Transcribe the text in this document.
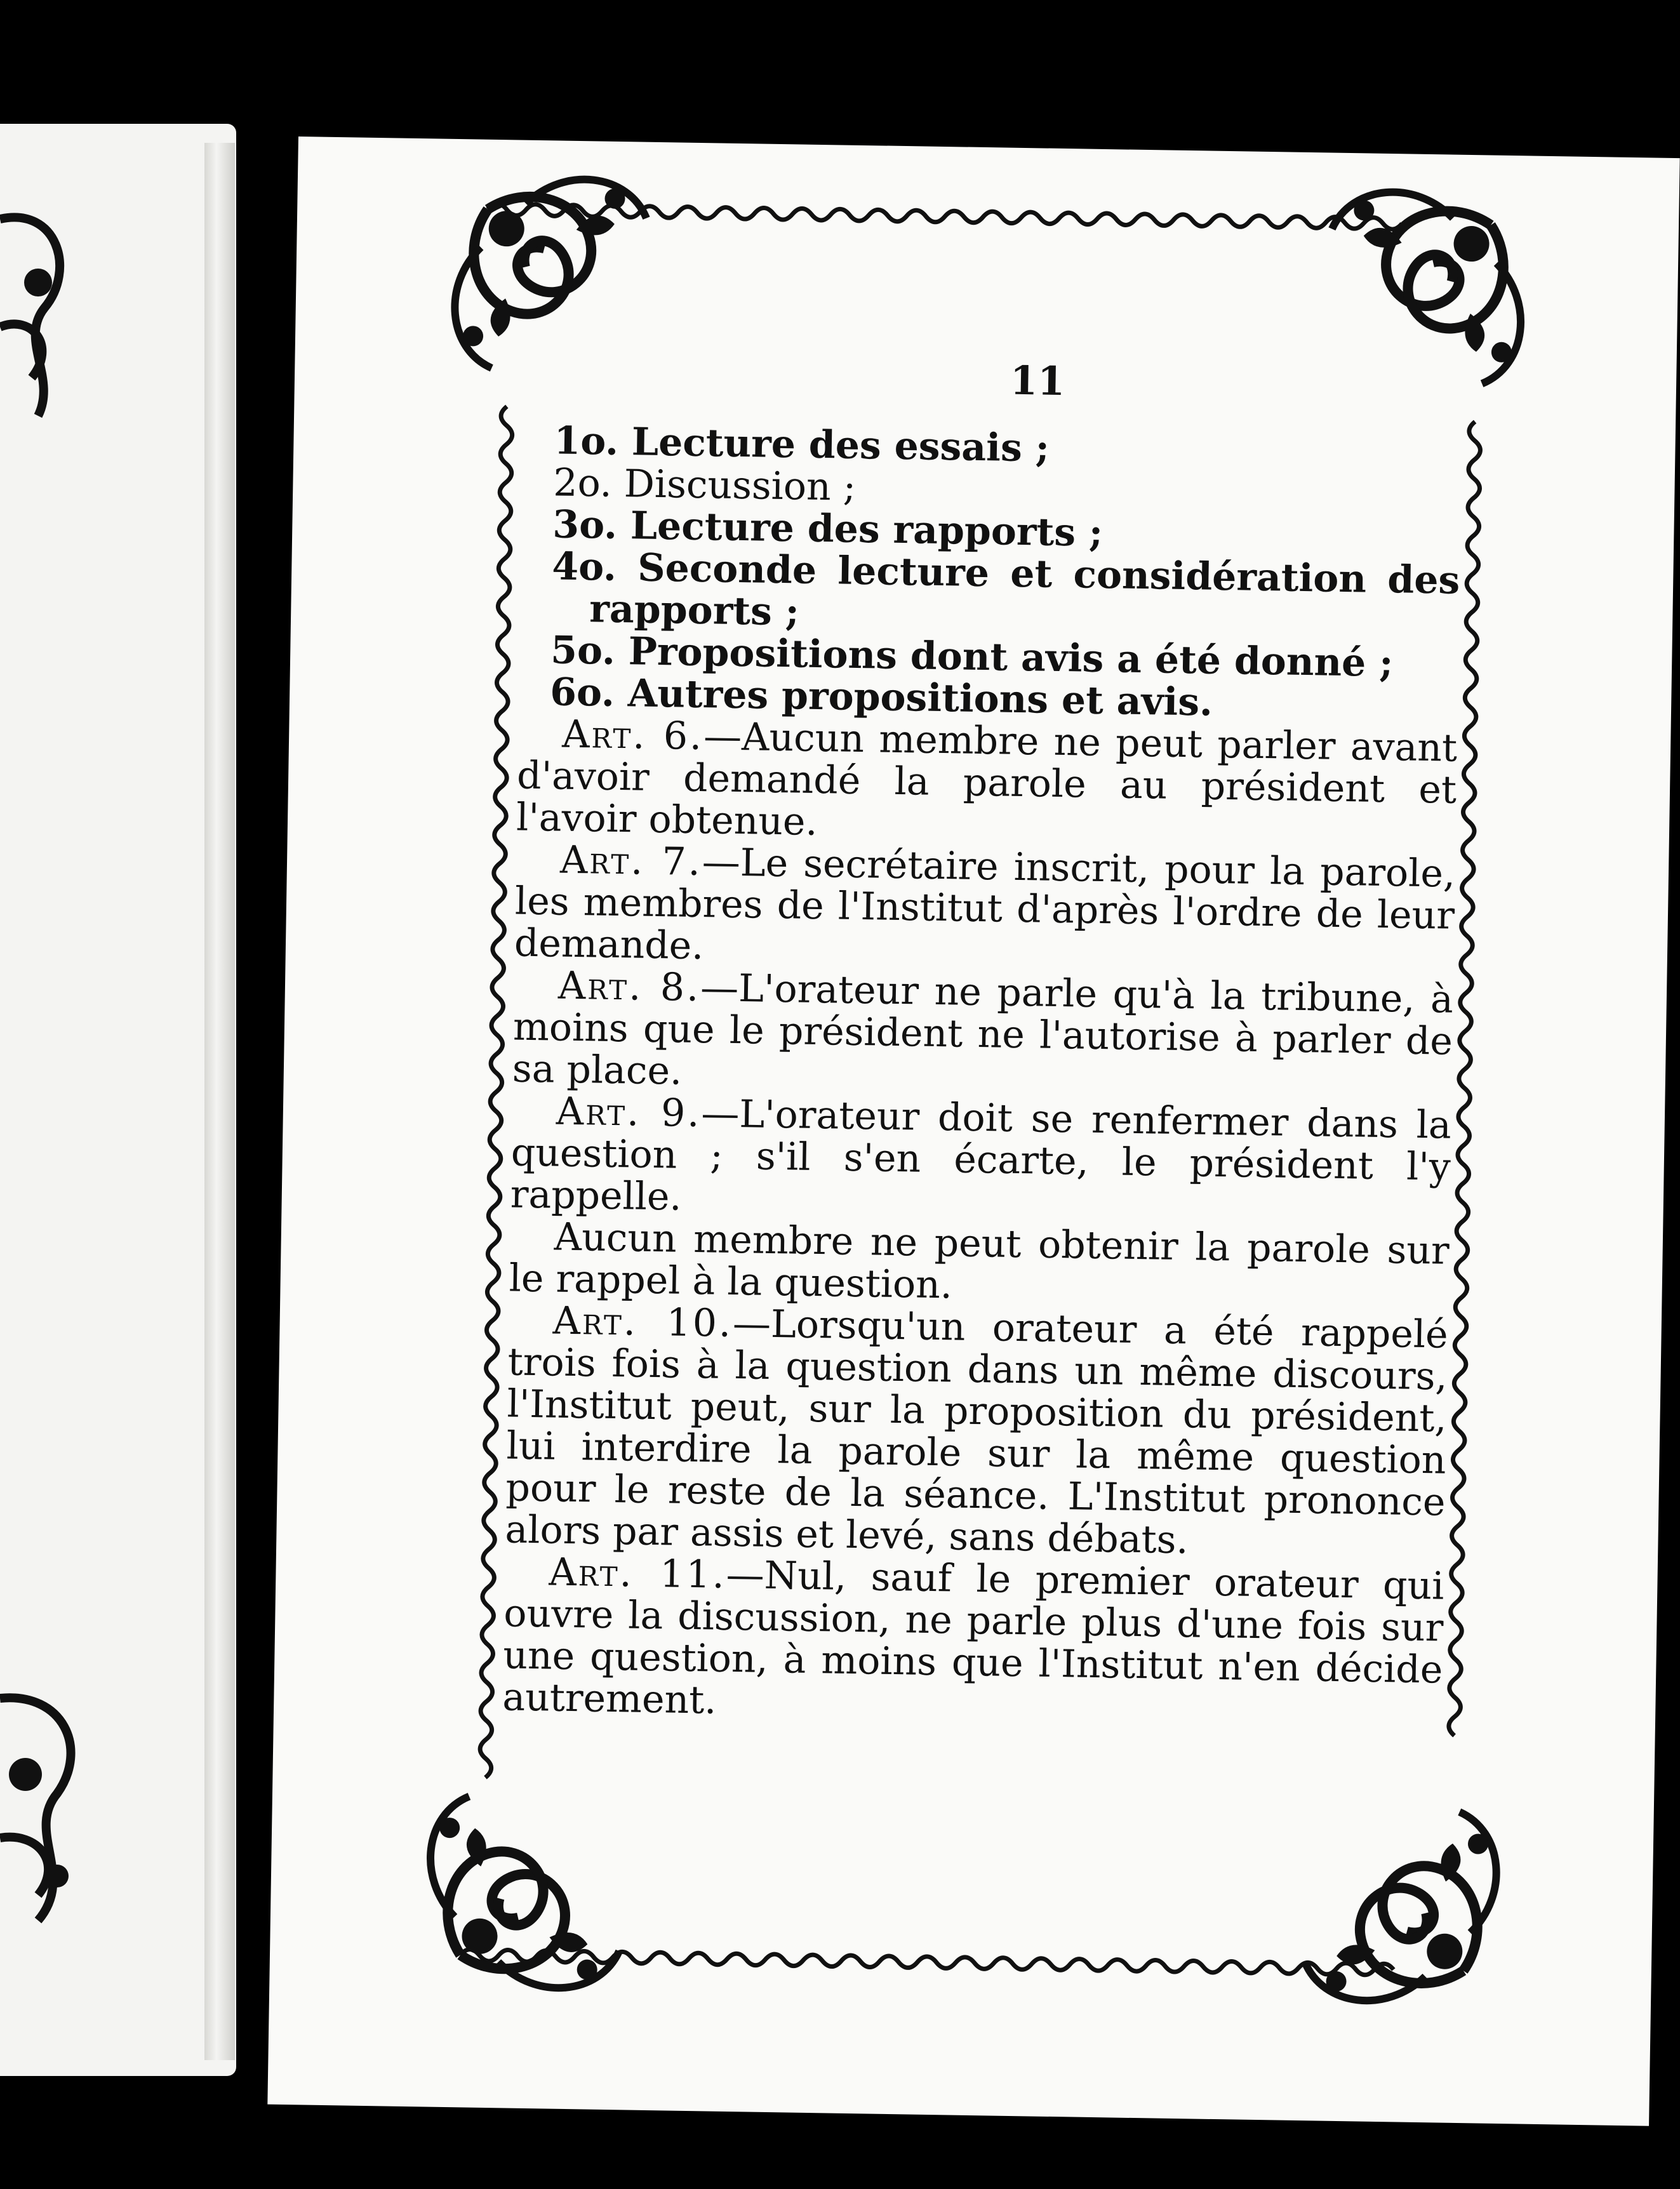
11

1o. Lecture des essais ;

2o. Discussion ;

3o. Lecture des rapports ;

4o. Seconde lecture et considération des rapports ;

5o. Propositions dont avis a été donné ;

6o. Autres propositions et avis.

Art. 6.—Aucun membre ne peut parler avant d'avoir demandé la parole au président et l'avoir obtenue.

Art. 7.—Le secrétaire inscrit, pour la parole, les membres de l'Institut d'après l'ordre de leur demande.

Art. 8.—L'orateur ne parle qu'à la tribune, à moins que le président ne l'autorise à parler de sa place.

Art. 9.—L'orateur doit se renfermer dans la question ; s'il s'en écarte, le président l'y rappelle.

Aucun membre ne peut obtenir la parole sur le rappel à la question.

Art. 10.—Lorsqu'un orateur a été rappelé trois fois à la question dans un même discours, l'Institut peut, sur la proposition du président, lui interdire la parole sur la même question pour le reste de la séance. L'Institut prononce alors par assis et levé, sans débats.

Art. 11.—Nul, sauf le premier orateur qui ouvre la discussion, ne parle plus d'une fois sur une question, à moins que l'Institut n'en décide autrement.
